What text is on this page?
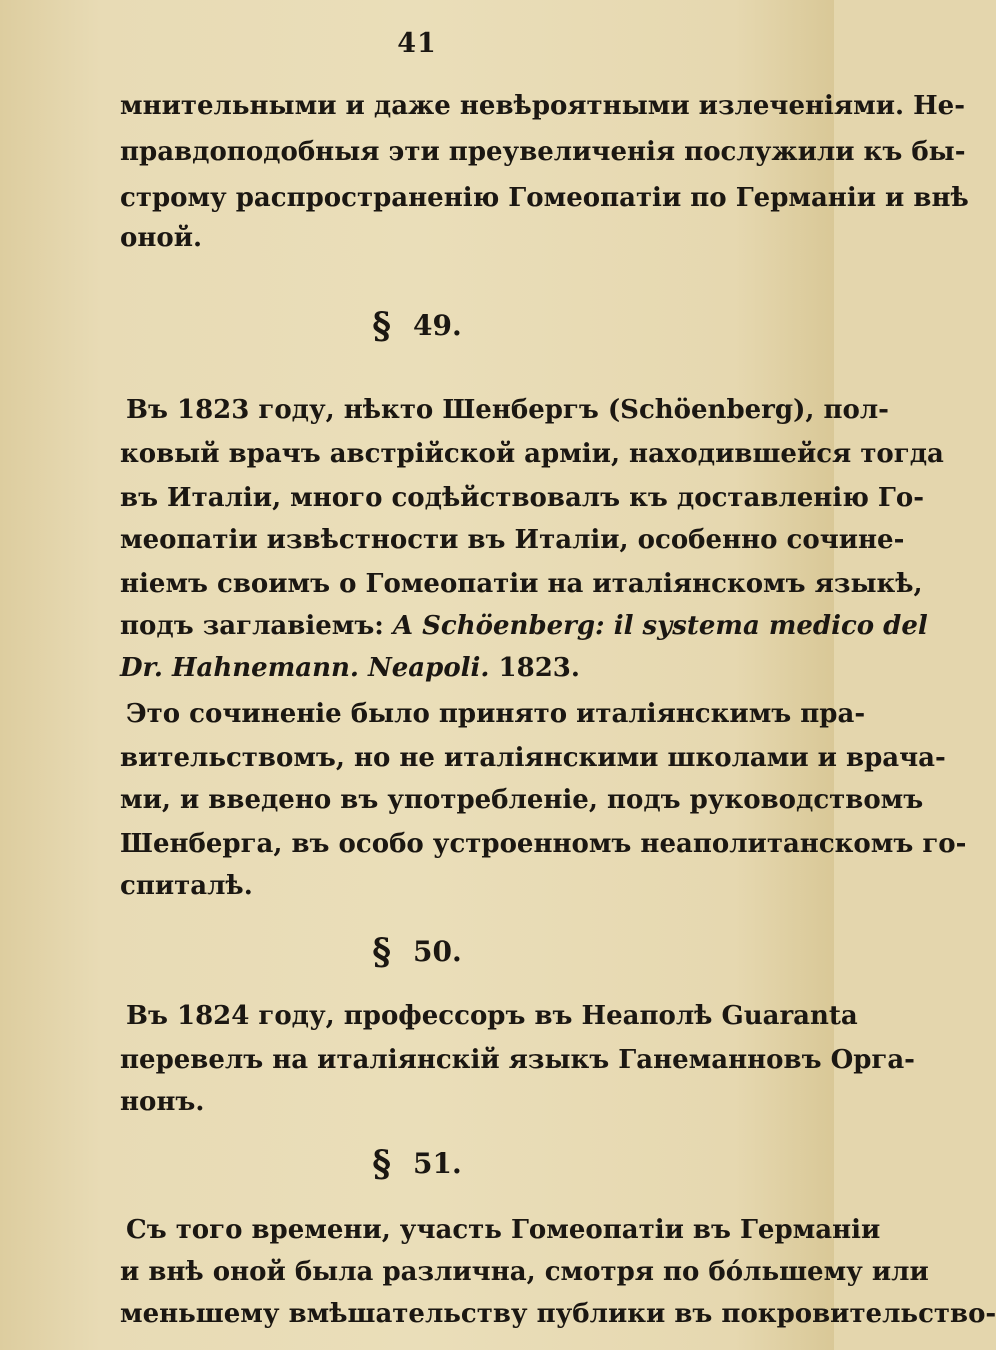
41
мнительными и даже невѣроятными излеченіями. Не-
правдоподобныя эти преувеличенія послужили къ бы-
строму распространенію Гомеопатіи по Германіи и внѣ
оной.
§ 49.
Въ 1823 году, нѣкто Шенбергъ (Schöenberg), пол-
ковый врачъ австрійской арміи, находившейся тогда
въ Италіи, много содѣйствовалъ къ доставленію Го-
меопатіи извѣстности въ Италіи, особенно сочине-
ніемъ своимъ о Гомеопатіи на италіянскомъ языкѣ,
подъ заглавіемъ: A Schöenberg: il systema medico del
Dr. Hahnemann. Neapoli. 1823.
Это сочиненіе было принято италіянскимъ пра-
вительствомъ, но не италіянскими школами и врача-
ми, и введено въ употребленіе, подъ руководствомъ
Шенберга, въ особо устроенномъ неаполитанскомъ го-
спиталѣ.
§ 50.
Въ 1824 году, профессоръ въ Неаполѣ Guaranta
перевелъ на италіянскій языкъ Ганеманновъ Орга-
нонъ.
§ 51.
Съ того времени, участь Гомеопатіи въ Германіи
и внѣ оной была различна, смотря по бóльшему или
меньшему вмѣшательству публики въ покровительство-
